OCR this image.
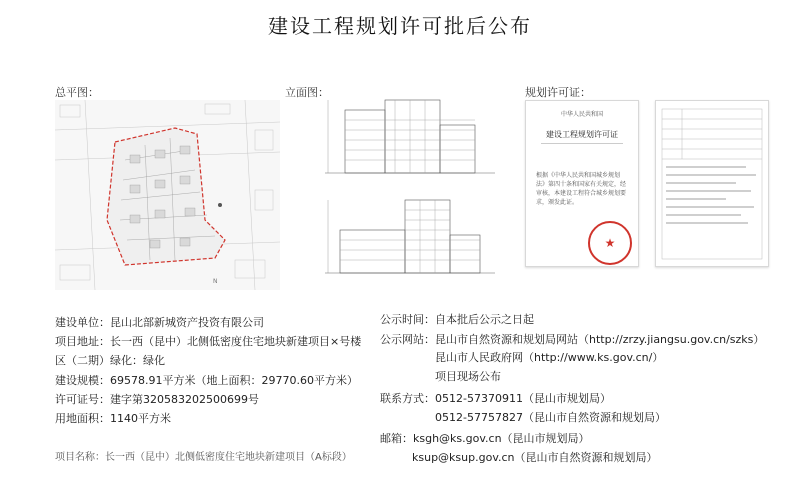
建设工程规划许可批后公布
总平图：
N
立面图：	规划许可证：
中华人民共和国
建设工程规划许可证
根据《中华人民共和国城乡规划法》第四十条和国家有关规定，经审核，本建设工程符合城乡规划要求，颁发此证。
★
建设单位：昆山北部新城资产投资有限公司
项目地址：长一西（昆中）北侧低密度住宅地块新建项目×号楼
区（二期）绿化：绿化
建设规模：69578.91平方米（地上面积：29770.60平方米）
许可证号：建字第320583202500699号
用地面积：1140平方米
项目名称：长一西（昆中）北侧低密度住宅地块新建项目（A标段）
公示时间：自本批后公示之日起
公示网站：昆山市自然资源和规划局网站（http://zrzy.jiangsu.gov.cn/szks）
昆山市人民政府网（http://www.ks.gov.cn/）
项目现场公布
联系方式：0512-57370911（昆山市规划局）
0512-57757827（昆山市自然资源和规划局）
邮箱：ksgh@ks.gov.cn（昆山市规划局）
ksup@ksup.gov.cn（昆山市自然资源和规划局）
